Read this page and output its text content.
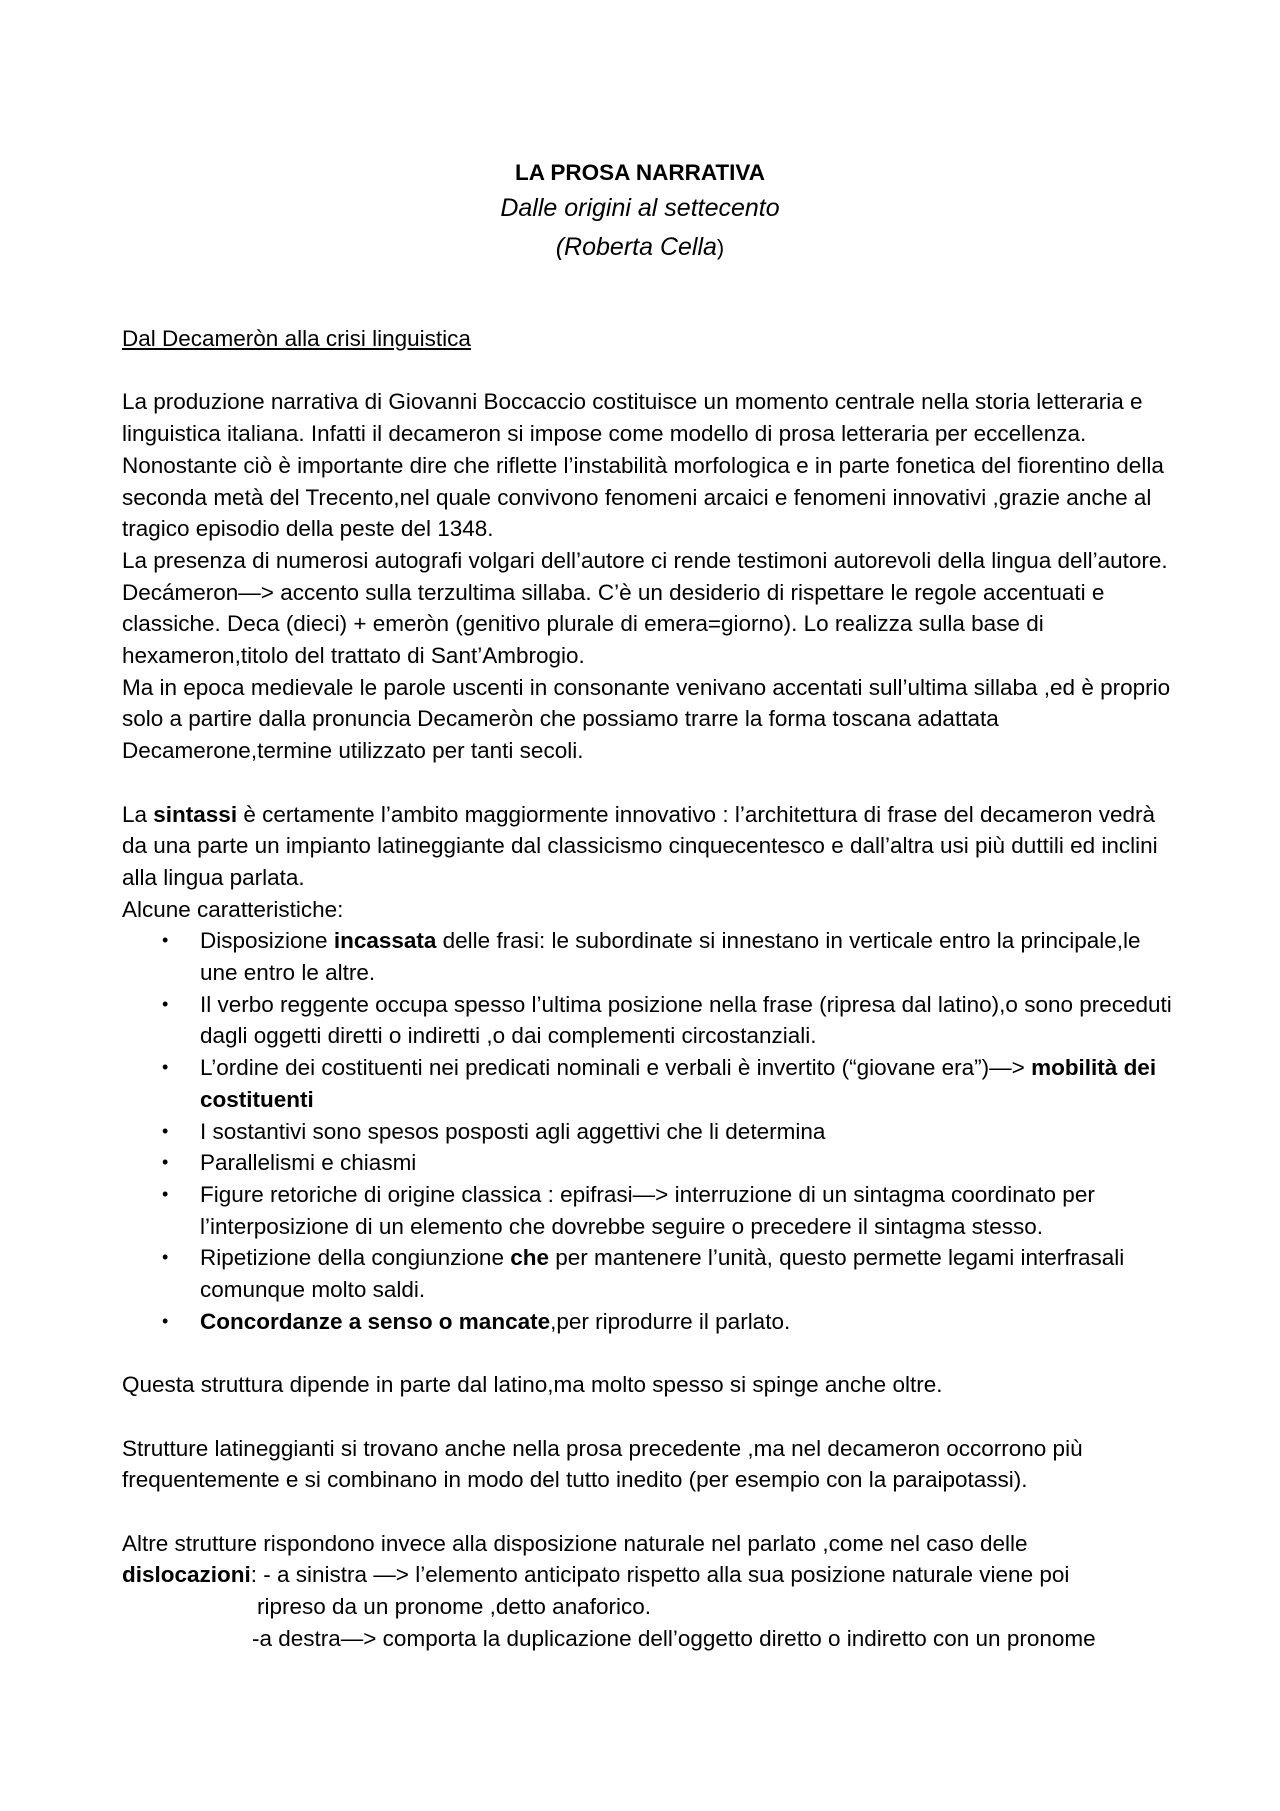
LA PROSA NARRATIVA
Dalle origini al settecento
(Roberta Cella)

Dal Decameròn alla crisi linguistica

La produzione narrativa di Giovanni Boccaccio costituisce un momento centrale nella storia letteraria e linguistica italiana. Infatti il decameron si impose come modello di prosa letteraria per eccellenza. Nonostante ciò è importante dire che riflette l’instabilità morfologica e in parte fonetica del fiorentino della seconda metà del Trecento,nel quale convivono fenomeni arcaici e fenomeni innovativi ,grazie anche al tragico episodio della peste del 1348.

La presenza di numerosi autografi volgari dell’autore ci rende testimoni autorevoli della lingua dell’autore.

Decámeron—> accento sulla terzultima sillaba. C’è un desiderio di rispettare le regole accentuati e classiche. Deca (dieci) + emeròn (genitivo plurale di emera=giorno). Lo realizza sulla base di hexameron,titolo del trattato di Sant’Ambrogio.

Ma in epoca medievale le parole uscenti in consonante venivano accentati sull’ultima sillaba ,ed è proprio solo a partire dalla pronuncia Decameròn che possiamo trarre la forma toscana adattata Decamerone,termine utilizzato per tanti secoli.

La sintassi è certamente l’ambito maggiormente innovativo : l’architettura di frase del decameron vedrà da una parte un impianto latineggiante dal classicismo cinquecentesco e dall’altra usi più duttili ed inclini alla lingua parlata.

Alcune caratteristiche:

• Disposizione incassata delle frasi: le subordinate si innestano in verticale entro la principale,le une entro le altre.
• Il verbo reggente occupa spesso l’ultima posizione nella frase (ripresa dal latino),o sono preceduti dagli oggetti diretti o indiretti ,o dai complementi circostanziali.
• L’ordine dei costituenti nei predicati nominali e verbali è invertito (“giovane era”)—> mobilità dei costituenti
• I sostantivi sono spesos posposti agli aggettivi che li determina
• Parallelismi e chiasmi
• Figure retoriche di origine classica : epifrasi—> interruzione di un sintagma coordinato per l’interposizione di un elemento che dovrebbe seguire o precedere il sintagma stesso.
• Ripetizione della congiunzione che per mantenere l’unità, questo permette legami interfrasali comunque molto saldi.
• Concordanze a senso o mancate,per riprodurre il parlato.

Questa struttura dipende in parte dal latino,ma molto spesso si spinge anche oltre.

Strutture latineggianti si trovano anche nella prosa precedente ,ma nel decameron occorrono più frequentemente e si combinano in modo del tutto inedito (per esempio con la paraipotassi).

Altre strutture rispondono invece alla disposizione naturale nel parlato ,come nel caso delle

dislocazioni: - a sinistra —> l’elemento anticipato rispetto alla sua posizione naturale viene poi

ripreso da un pronome ,detto anaforico.

-a destra—> comporta la duplicazione dell’oggetto diretto o indiretto con un pronome
